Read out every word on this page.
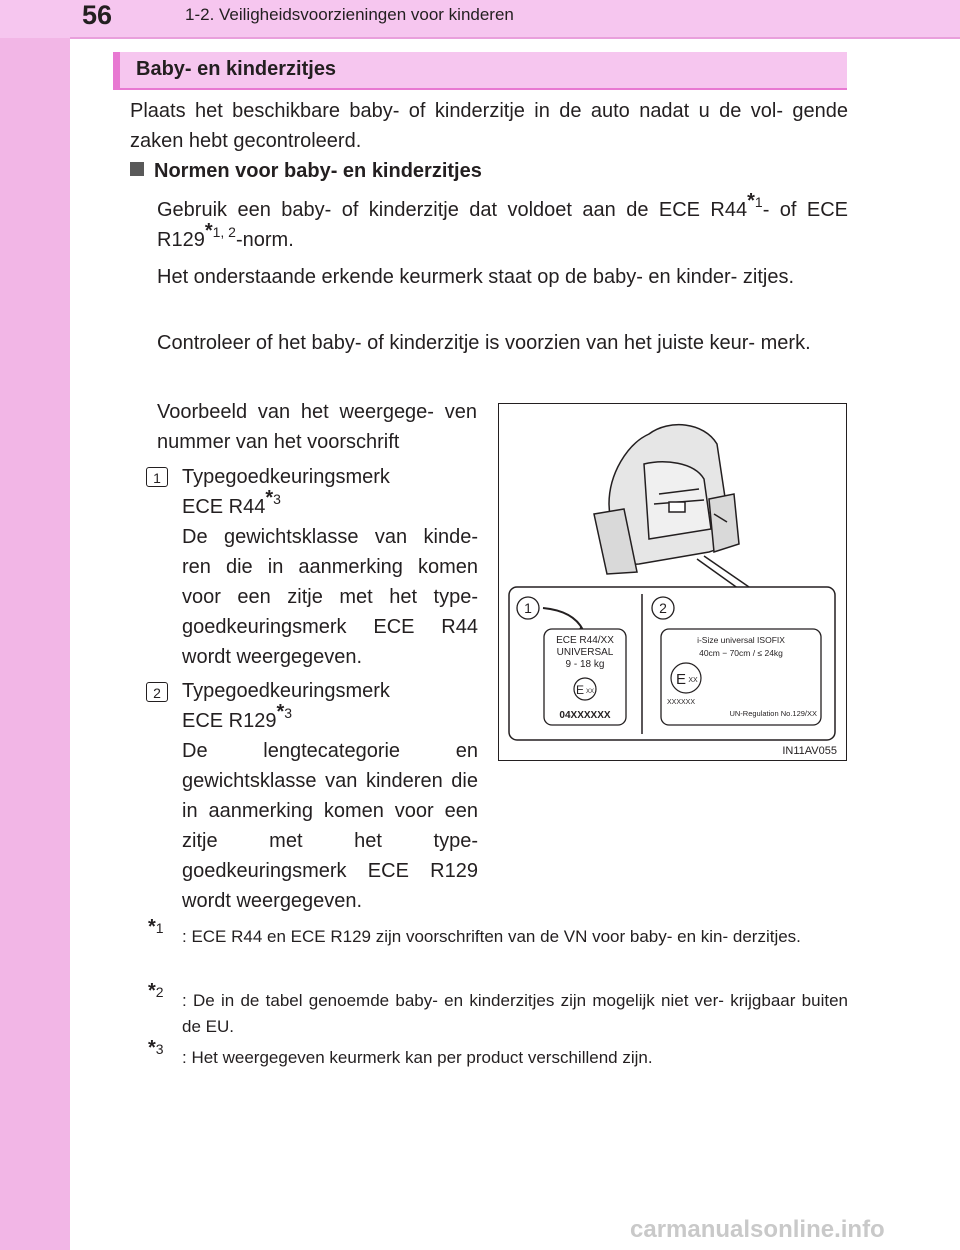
56	1-2. Veiligheidsvoorzieningen voor kinderen
Baby- en kinderzitjes
Plaats het beschikbare baby- of kinderzitje in de auto nadat u de vol- gende zaken hebt gecontroleerd.
Normen voor baby- en kinderzitjes
Gebruik een baby- of kinderzitje dat voldoet aan de ECE R44$^{*1}$- of ECE R129$^{*1, 2}$-norm.
Het onderstaande erkende keurmerk staat op de baby- en kinder- zitjes.
Controleer of het baby- of kinderzitje is voorzien van het juiste keur- merk.
Voorbeeld van het weergege- ven nummer van het voorschrift
1	Typegoedkeuringsmerk
ECE R44$^{*3}$
De gewichtsklasse van kinde- ren die in aanmerking komen voor een zitje met het type- goedkeuringsmerk ECE R44 wordt weergegeven.
2	Typegoedkeuringsmerk
ECE R129$^{*3}$
De lengtecategorie en gewichtsklasse van kinderen die in aanmerking komen voor een zitje met het type- goedkeuringsmerk ECE R129 wordt weergegeven.
1	2
ECE R44/XX
UNIVERSAL
9 - 18 kg
E XX
04XXXXXX
i-Size universal ISOFIX
40cm − 70cm / ≤ 24kg
E XX
XXXXXX
UN-Regulation No.129/XX
IN11AV055
$^{*1}$ : ECE R44 en ECE R129 zijn voorschriften van de VN voor baby- en kin- derzitjes.
$^{*2}$ : De in de tabel genoemde baby- en kinderzitjes zijn mogelijk niet ver- krijgbaar buiten de EU.
$^{*3}$ : Het weergegeven keurmerk kan per product verschillend zijn.
carmanualsonline.info
